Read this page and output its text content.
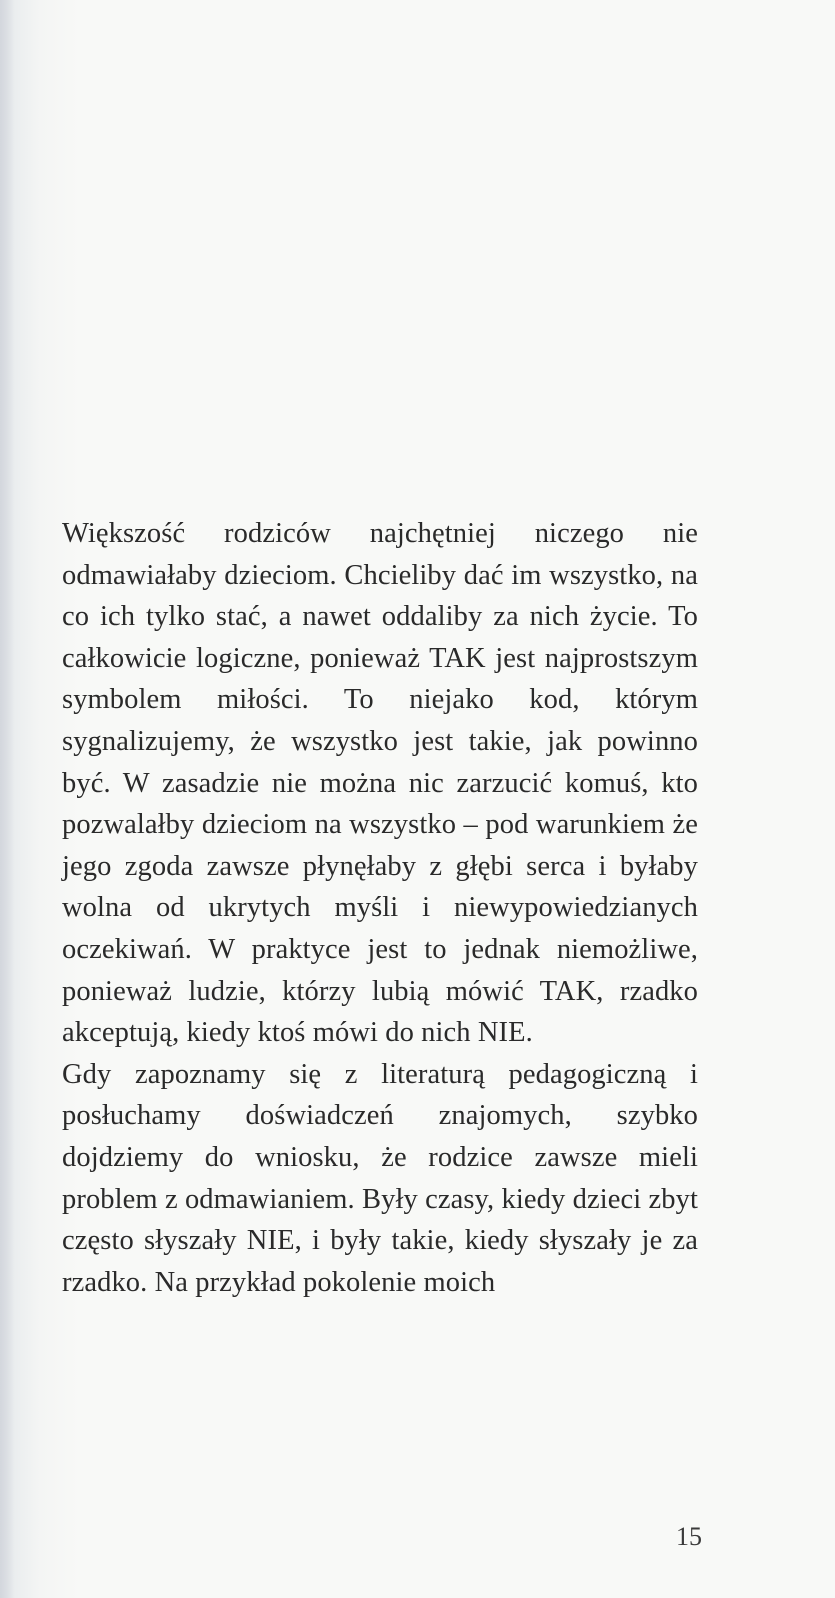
Większość rodziców najchętniej niczego nie odmawiałaby dzieciom. Chcieliby dać im wszystko, na co ich tylko stać, a nawet oddaliby za nich życie. To całkowicie logiczne, ponieważ TAK jest najprostszym symbolem miłości. To niejako kod, którym sygnalizujemy, że wszystko jest takie, jak powinno być. W zasadzie nie można nic zarzucić komuś, kto pozwalałby dzieciom na wszystko – pod warunkiem że jego zgoda zawsze płynęłaby z głębi serca i byłaby wolna od ukrytych myśli i niewypowiedzianych oczekiwań. W praktyce jest to jednak niemożliwe, ponieważ ludzie, którzy lubią mówić TAK, rzadko akceptują, kiedy ktoś mówi do nich NIE.

Gdy zapoznamy się z literaturą pedagogiczną i posłuchamy doświadczeń znajomych, szybko dojdziemy do wniosku, że rodzice zawsze mieli problem z odmawianiem. Były czasy, kiedy dzieci zbyt często słyszały NIE, i były takie, kiedy słyszały je za rzadko. Na przykład pokolenie moich

15
